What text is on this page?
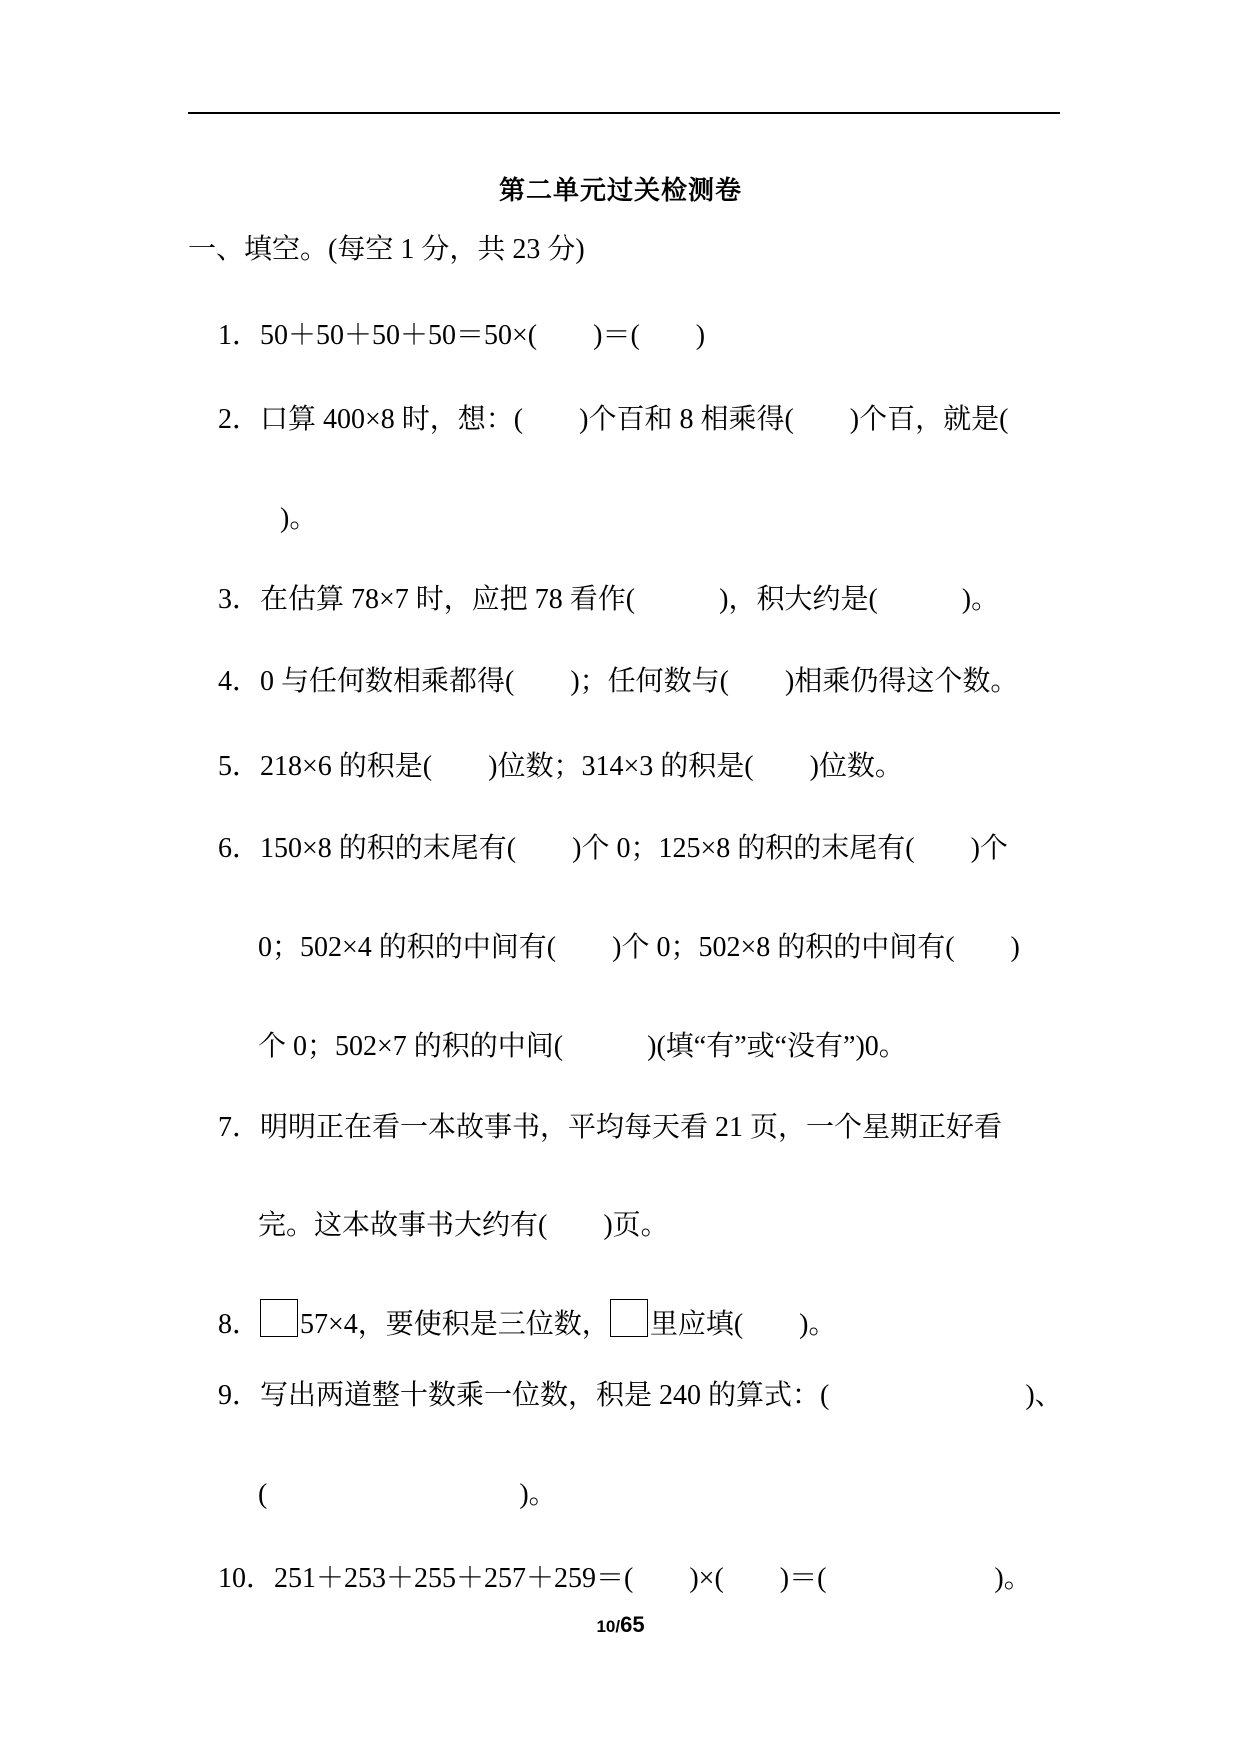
第二单元过关检测卷
一、填空。(每空 1 分，共 23 分)
1．50＋50＋50＋50＝50×(　　)＝(　　)
2．口算 400×8 时，想：(　　)个百和 8 相乘得(　　)个百，就是(
　)。
3．在估算 78×7 时，应把 78 看作(　　　)，积大约是(　　　)。
4．0 与任何数相乘都得(　　)；任何数与(　　)相乘仍得这个数。
5．218×6 的积是(　　)位数；314×3 的积是(　　)位数。
6．150×8 的积的末尾有(　　)个 0；125×8 的积的末尾有(　　)个
0；502×4 的积的中间有(　　)个 0；502×8 的积的中间有(　　)
个 0；502×7 的积的中间(　　　)(填“有”或“没有”)0。
7．明明正在看一本故事书，平均每天看 21 页，一个星期正好看
完。这本故事书大约有(　　)页。
8． 57×4，要使积是三位数， 里应填(　　)。
9．写出两道整十数乘一位数，积是 240 的算式：(　　　　　　　)、
(　　　　　　　　　)。
10．251＋253＋255＋257＋259＝(　　)×(　　)＝(　　　　　　)。
10/65
